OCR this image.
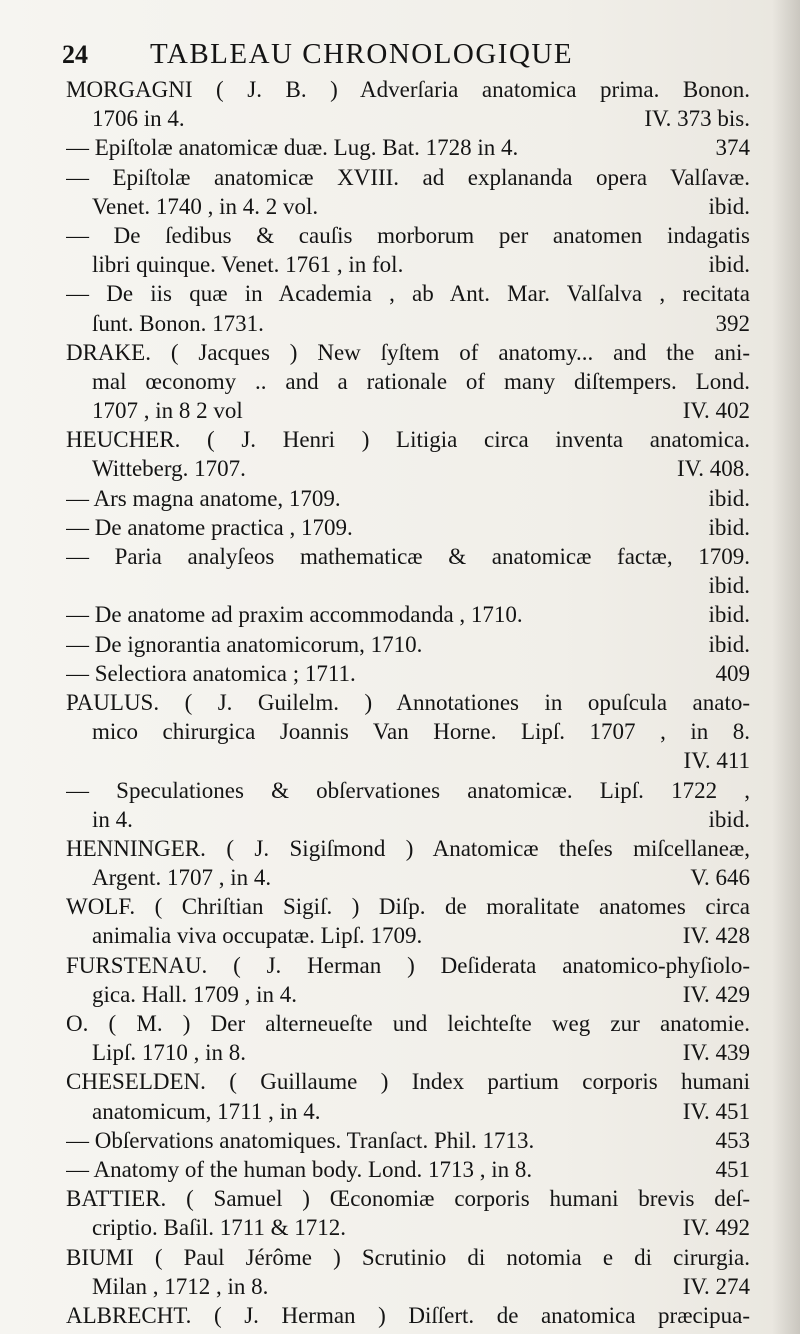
24 TABLEAU CHRONOLOGIQUE
MORGAGNI ( J. B. ) Adverſaria anatomica prima. Bonon.
IV. 373 bis.
1706 in 4.
374
— Epiſtolæ anatomicæ duæ. Lug. Bat. 1728 in 4.
— Epiſtolæ anatomicæ XVIII. ad explananda opera Valſavæ.
ibid.
Venet. 1740 , in 4. 2 vol.
— De ſedibus & cauſis morborum per anatomen indagatis
ibid.
libri quinque. Venet. 1761 , in fol.
— De iis quæ in Academia , ab Ant. Mar. Valſalva , recitata
392
ſunt. Bonon. 1731.
DRAKE. ( Jacques ) New ſyſtem of anatomy... and the ani-
mal œconomy .. and a rationale of many diſtempers. Lond.
IV. 402
1707 , in 8 2 vol
HEUCHER. ( J. Henri ) Litigia circa inventa anatomica.
IV. 408.
Witteberg. 1707.
ibid.
— Ars magna anatome, 1709.
ibid.
— De anatome practica , 1709.
— Paria analyſeos mathematicæ & anatomicæ factæ, 1709.
ibid.
ibid.
— De anatome ad praxim accommodanda , 1710.
ibid.
— De ignorantia anatomicorum, 1710.
409
— Selectiora anatomica ; 1711.
PAULUS. ( J. Guilelm. ) Annotationes in opuſcula anato-
mico chirurgica Joannis Van Horne. Lipſ. 1707 , in 8.
IV. 411
— Speculationes & obſervationes anatomicæ. Lipſ. 1722 ,
ibid.
in 4.
HENNINGER. ( J. Sigiſmond ) Anatomicæ theſes miſcellaneæ,
V. 646
Argent. 1707 , in 4.
WOLF. ( Chriſtian Sigiſ. ) Diſp. de moralitate anatomes circa
IV. 428
animalia viva occupatæ. Lipſ. 1709.
FURSTENAU. ( J. Herman ) Deſiderata anatomico-phyſiolo-
IV. 429
gica. Hall. 1709 , in 4.
O. ( M. ) Der alterneueſte und leichteſte weg zur anatomie.
IV. 439
Lipſ. 1710 , in 8.
CHESELDEN. ( Guillaume ) Index partium corporis humani
IV. 451
anatomicum, 1711 , in 4.
453
— Obſervations anatomiques. Tranſact. Phil. 1713.
451
— Anatomy of the human body. Lond. 1713 , in 8.
BATTIER. ( Samuel ) Œconomiæ corporis humani brevis deſ-
IV. 492
criptio. Baſil. 1711 & 1712.
BIUMI ( Paul Jérôme ) Scrutinio di notomia e di cirurgia.
IV. 274
Milan , 1712 , in 8.
ALBRECHT. ( J. Herman ) Diſſert. de anatomica præcipua-
